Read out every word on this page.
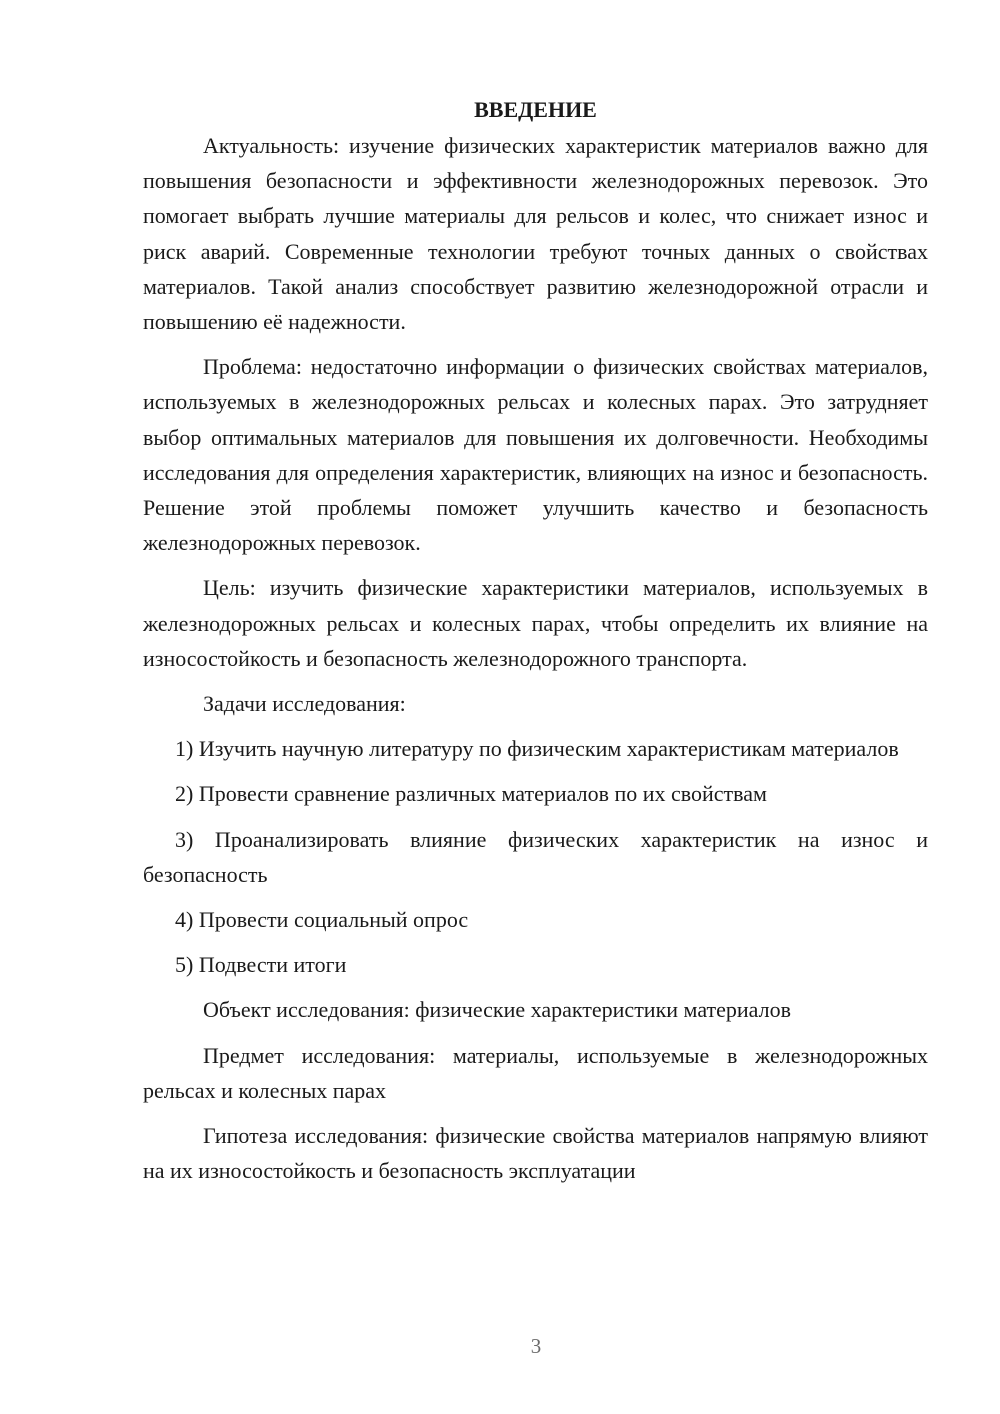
ВВЕДЕНИЕ

Актуальность: изучение физических характеристик материалов важно для повышения безопасности и эффективности железнодорожных перевозок. Это помогает выбрать лучшие материалы для рельсов и колес, что снижает износ и риск аварий. Современные технологии требуют точных данных о свойствах материалов. Такой анализ способствует развитию железнодорожной отрасли и повышению её надежности.

Проблема: недостаточно информации о физических свойствах материалов, используемых в железнодорожных рельсах и колесных парах. Это затрудняет выбор оптимальных материалов для повышения их долговечности. Необходимы исследования для определения характеристик, влияющих на износ и безопасность. Решение этой проблемы поможет улучшить качество и безопасность железнодорожных перевозок.

Цель: изучить физические характеристики материалов, используемых в железнодорожных рельсах и колесных парах, чтобы определить их влияние на износостойкость и безопасность железнодорожного транспорта.

Задачи исследования:

1) Изучить научную литературу по физическим характеристикам материалов

2) Провести сравнение различных материалов по их свойствам

3) Проанализировать влияние физических характеристик на износ и безопасность

4) Провести социальный опрос

5) Подвести итоги

Объект исследования: физические характеристики материалов

Предмет исследования: материалы, используемые в железнодорожных рельсах и колесных парах

Гипотеза исследования: физические свойства материалов напрямую влияют на их износостойкость и безопасность эксплуатации

3
